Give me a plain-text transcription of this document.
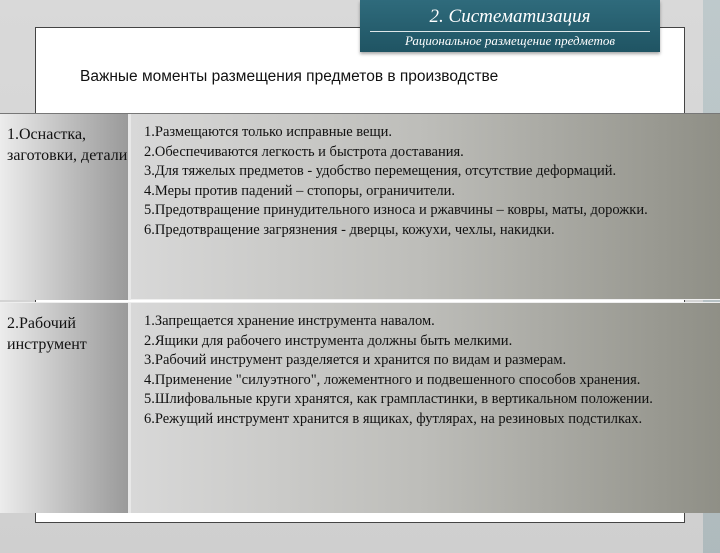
2. Систематизация
Рациональное размещение предметов
Важные моменты размещения предметов в производстве
1.Оснастка, заготовки, детали

1.Размещаются только исправные вещи.

2.Обеспечиваются легкость и быстрота доставания.

3.Для тяжелых предметов - удобство перемещения, отсутствие деформаций.

4.Меры против падений – стопоры, ограничители.

5.Предотвращение принудительного износа и ржавчины – ковры, маты, дорожки.

6.Предотвращение загрязнения - дверцы, кожухи, чехлы, накидки.

2.Рабочий инструмент

1.Запрещается хранение инструмента навалом.

2.Ящики для рабочего инструмента должны быть мелкими.

3.Рабочий инструмент разделяется и хранится по видам и размерам.

4.Применение "силуэтного", ложементного и подвешенного способов хранения.

5.Шлифовальные круги хранятся, как грампластинки, в вертикальном положении.

6.Режущий инструмент хранится в ящиках, футлярах, на резиновых подстилках.
